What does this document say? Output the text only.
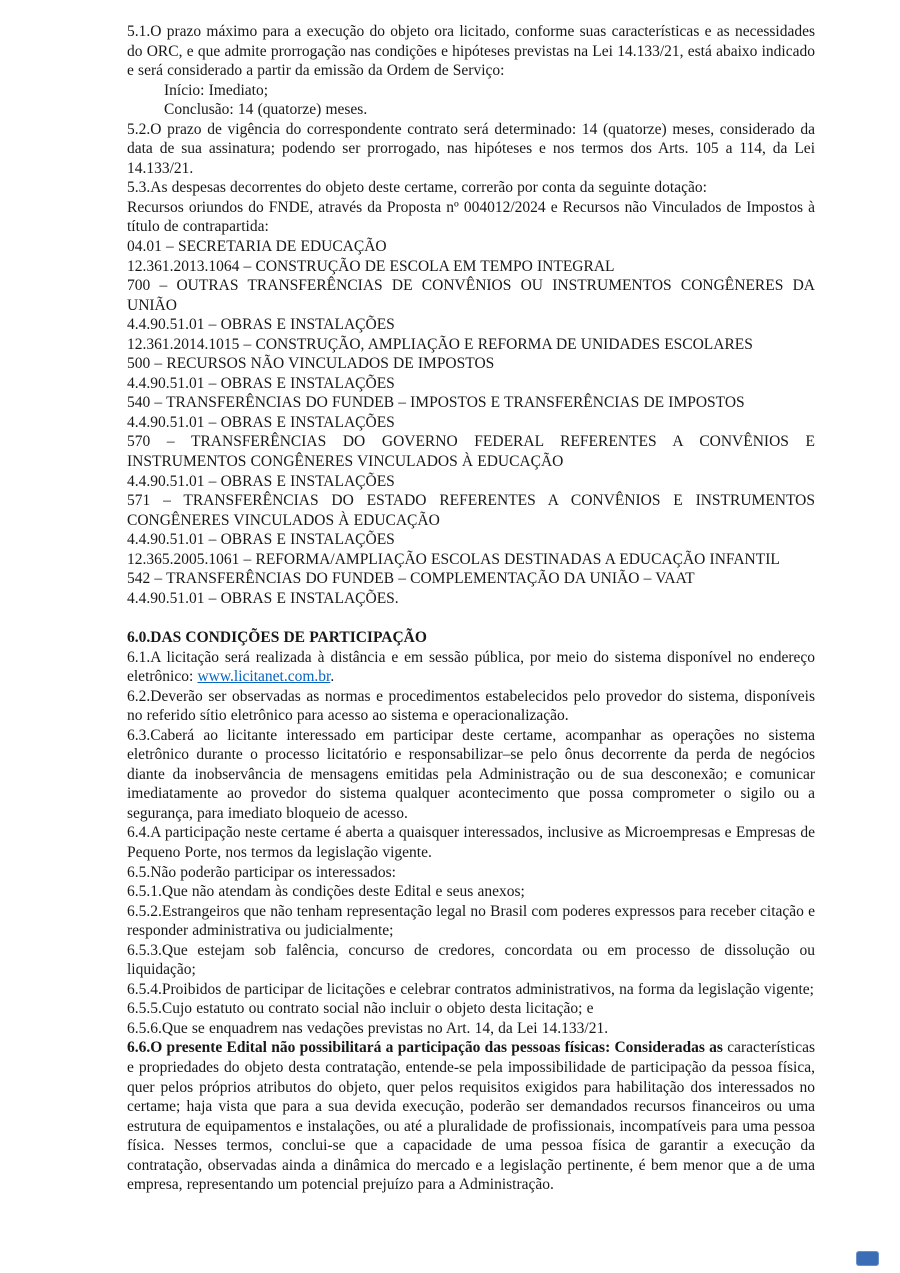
5.1.O prazo máximo para a execução do objeto ora licitado, conforme suas características e as necessidades do ORC, e que admite prorrogação nas condições e hipóteses previstas na Lei 14.133/21, está abaixo indicado e será considerado a partir da emissão da Ordem de Serviço:

Início: Imediato;

Conclusão: 14 (quatorze) meses.

5.2.O prazo de vigência do correspondente contrato será determinado: 14 (quatorze) meses, considerado da data de sua assinatura; podendo ser prorrogado, nas hipóteses e nos termos dos Arts. 105 a 114, da Lei 14.133/21.

5.3.As despesas decorrentes do objeto deste certame, correrão por conta da seguinte dotação:

Recursos oriundos do FNDE, através da Proposta nº 004012/2024 e Recursos não Vinculados de Impostos à título de contrapartida:

04.01 – SECRETARIA DE EDUCAÇÃO

12.361.2013.1064 – CONSTRUÇÃO DE ESCOLA EM TEMPO INTEGRAL

700 – OUTRAS TRANSFERÊNCIAS DE CONVÊNIOS OU INSTRUMENTOS CONGÊNERES DA UNIÃO

4.4.90.51.01 – OBRAS E INSTALAÇÕES

12.361.2014.1015 – CONSTRUÇÃO, AMPLIAÇÃO E REFORMA DE UNIDADES ESCOLARES

500 – RECURSOS NÃO VINCULADOS DE IMPOSTOS

4.4.90.51.01 – OBRAS E INSTALAÇÕES

540 – TRANSFERÊNCIAS DO FUNDEB – IMPOSTOS E TRANSFERÊNCIAS DE IMPOSTOS

4.4.90.51.01 – OBRAS E INSTALAÇÕES

570 – TRANSFERÊNCIAS DO GOVERNO FEDERAL REFERENTES A CONVÊNIOS E INSTRUMENTOS CONGÊNERES VINCULADOS À EDUCAÇÃO

4.4.90.51.01 – OBRAS E INSTALAÇÕES

571 – TRANSFERÊNCIAS DO ESTADO REFERENTES A CONVÊNIOS E INSTRUMENTOS CONGÊNERES VINCULADOS À EDUCAÇÃO

4.4.90.51.01 – OBRAS E INSTALAÇÕES

12.365.2005.1061 – REFORMA/AMPLIAÇÃO ESCOLAS DESTINADAS A EDUCAÇÃO INFANTIL

542 – TRANSFERÊNCIAS DO FUNDEB – COMPLEMENTAÇÃO DA UNIÃO – VAAT

4.4.90.51.01 – OBRAS E INSTALAÇÕES.

6.0.DAS CONDIÇÕES DE PARTICIPAÇÃO

6.1.A licitação será realizada à distância e em sessão pública, por meio do sistema disponível no endereço eletrônico: www.licitanet.com.br.

6.2.Deverão ser observadas as normas e procedimentos estabelecidos pelo provedor do sistema, disponíveis no referido sítio eletrônico para acesso ao sistema e operacionalização.

6.3.Caberá ao licitante interessado em participar deste certame, acompanhar as operações no sistema eletrônico durante o processo licitatório e responsabilizar–se pelo ônus decorrente da perda de negócios diante da inobservância de mensagens emitidas pela Administração ou de sua desconexão; e comunicar imediatamente ao provedor do sistema qualquer acontecimento que possa comprometer o sigilo ou a segurança, para imediato bloqueio de acesso.

6.4.A participação neste certame é aberta a quaisquer interessados, inclusive as Microempresas e Empresas de Pequeno Porte, nos termos da legislação vigente.

6.5.Não poderão participar os interessados:

6.5.1.Que não atendam às condições deste Edital e seus anexos;

6.5.2.Estrangeiros que não tenham representação legal no Brasil com poderes expressos para receber citação e responder administrativa ou judicialmente;

6.5.3.Que estejam sob falência, concurso de credores, concordata ou em processo de dissolução ou liquidação;

6.5.4.Proibidos de participar de licitações e celebrar contratos administrativos, na forma da legislação vigente;

6.5.5.Cujo estatuto ou contrato social não incluir o objeto desta licitação; e

6.5.6.Que se enquadrem nas vedações previstas no Art. 14, da Lei 14.133/21.

6.6.O presente Edital não possibilitará a participação das pessoas físicas: Consideradas as características e propriedades do objeto desta contratação, entende-se pela impossibilidade de participação da pessoa física, quer pelos próprios atributos do objeto, quer pelos requisitos exigidos para habilitação dos interessados no certame; haja vista que para a sua devida execução, poderão ser demandados recursos financeiros ou uma estrutura de equipamentos e instalações, ou até a pluralidade de profissionais, incompatíveis para uma pessoa física. Nesses termos, conclui-se que a capacidade de uma pessoa física de garantir a execução da contratação, observadas ainda a dinâmica do mercado e a legislação pertinente, é bem menor que a de uma empresa, representando um potencial prejuízo para a Administração.
